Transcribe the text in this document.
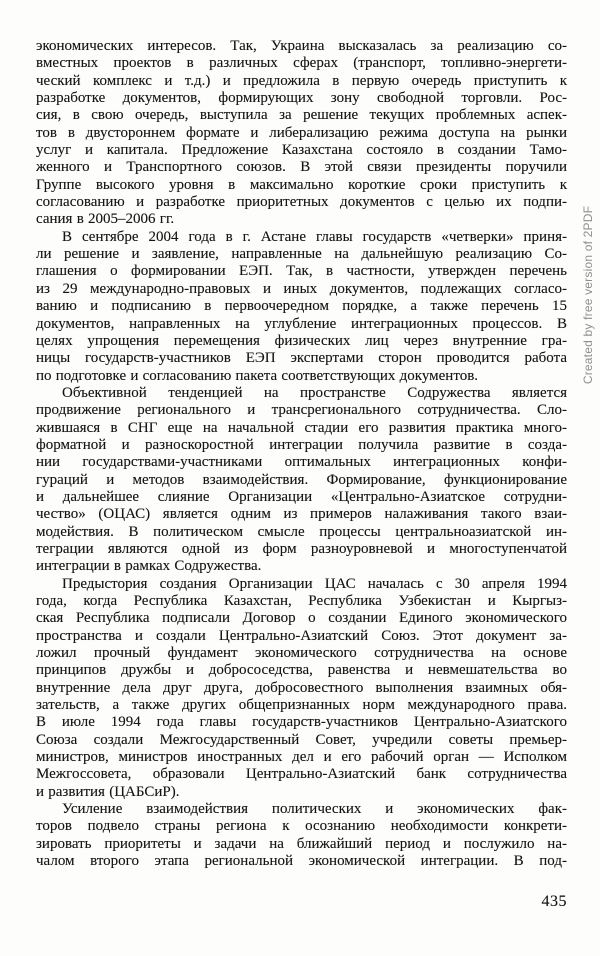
экономических интересов. Так, Украина высказалась за реализацию со-
вместных проектов в различных сферах (транспорт, топливно-энергети-
ческий комплекс и т.д.) и предложила в первую очередь приступить к
разработке документов, формирующих зону свободной торговли. Рос-
сия, в свою очередь, выступила за решение текущих проблемных аспек-
тов в двустороннем формате и либерализацию режима доступа на рынки
услуг и капитала. Предложение Казахстана состояло в создании Тамо-
женного и Транспортного союзов. В этой связи президенты поручили
Группе высокого уровня в максимально короткие сроки приступить к
согласованию и разработке приоритетных документов с целью их подпи-
сания в 2005–2006 гг.
В сентябре 2004 года в г. Астане главы государств «четверки» приня-
ли решение и заявление, направленные на дальнейшую реализацию Со-
глашения о формировании ЕЭП. Так, в частности, утвержден перечень
из 29 международно-правовых и иных документов, подлежащих согласо-
ванию и подписанию в первоочередном порядке, а также перечень 15
документов, направленных на углубление интеграционных процессов. В
целях упрощения перемещения физических лиц через внутренние гра-
ницы государств-участников ЕЭП экспертами сторон проводится работа
по подготовке и согласованию пакета соответствующих документов.
Объективной тенденцией на пространстве Содружества является
продвижение регионального и трансрегионального сотрудничества. Сло-
жившаяся в СНГ еще на начальной стадии его развития практика много-
форматной и разноскоростной интеграции получила развитие в созда-
нии государствами-участниками оптимальных интеграционных конфи-
гураций и методов взаимодействия. Формирование, функционирование
и дальнейшее слияние Организации «Центрально-Азиатское сотрудни-
чество» (ОЦАС) является одним из примеров налаживания такого взаи-
модействия. В политическом смысле процессы центральноазиатской ин-
теграции являются одной из форм разноуровневой и многоступенчатой
интеграции в рамках Содружества.
Предыстория создания Организации ЦАС началась с 30 апреля 1994
года, когда Республика Казахстан, Республика Узбекистан и Кыргыз-
ская Республика подписали Договор о создании Единого экономического
пространства и создали Центрально-Азиатский Союз. Этот документ за-
ложил прочный фундамент экономического сотрудничества на основе
принципов дружбы и добрососедства, равенства и невмешательства во
внутренние дела друг друга, добросовестного выполнения взаимных обя-
зательств, а также других общепризнанных норм международного права.
В июле 1994 года главы государств-участников Центрально-Азиатского
Союза создали Межгосударственный Совет, учредили советы премьер-
министров, министров иностранных дел и его рабочий орган — Исполком
Межгоссовета, образовали Центрально-Азиатский банк сотрудничества
и развития (ЦАБСиР).
Усиление взаимодействия политических и экономических фак-
торов подвело страны региона к осознанию необходимости конкрети-
зировать приоритеты и задачи на ближайший период и послужило на-
чалом второго этапа региональной экономической интеграции. В под-
Created by free version of 2PDF
435
